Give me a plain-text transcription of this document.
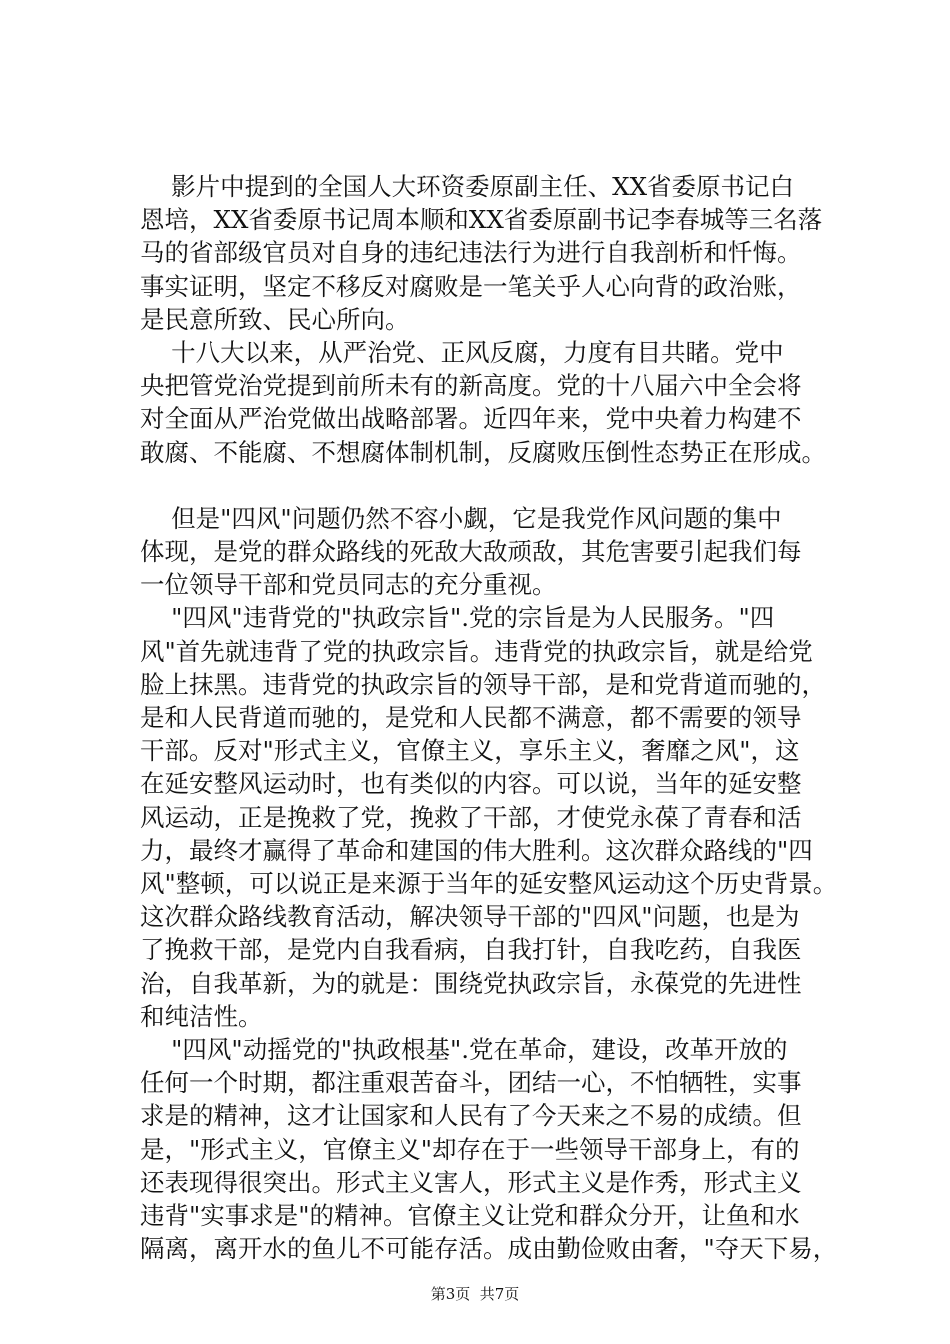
影片中提到的全国人大环资委原副主任、XX省委原书记白
恩培，XX省委原书记周本顺和XX省委原副书记李春城等三名落
马的省部级官员对自身的违纪违法行为进行自我剖析和忏悔。
事实证明，坚定不移反对腐败是一笔关乎人心向背的政治账，
是民意所致、民心所向。

十八大以来，从严治党、正风反腐，力度有目共睹。党中
央把管党治党提到前所未有的新高度。党的十八届六中全会将
对全面从严治党做出战略部署。近四年来，党中央着力构建不
敢腐、不能腐、不想腐体制机制，反腐败压倒性态势正在形成。

但是"四风"问题仍然不容小觑，它是我党作风问题的集中
体现，是党的群众路线的死敌大敌顽敌，其危害要引起我们每
一位领导干部和党员同志的充分重视。

"四风"违背党的"执政宗旨".党的宗旨是为人民服务。"四
风"首先就违背了党的执政宗旨。违背党的执政宗旨，就是给党
脸上抹黑。违背党的执政宗旨的领导干部，是和党背道而驰的，
是和人民背道而驰的，是党和人民都不满意，都不需要的领导
干部。反对"形式主义，官僚主义，享乐主义，奢靡之风"，这
在延安整风运动时，也有类似的内容。可以说，当年的延安整
风运动，正是挽救了党，挽救了干部，才使党永葆了青春和活
力，最终才赢得了革命和建国的伟大胜利。这次群众路线的"四
风"整顿，可以说正是来源于当年的延安整风运动这个历史背景。
这次群众路线教育活动，解决领导干部的"四风"问题，也是为
了挽救干部，是党内自我看病，自我打针，自我吃药，自我医
治，自我革新，为的就是：围绕党执政宗旨，永葆党的先进性
和纯洁性。

"四风"动摇党的"执政根基".党在革命，建设，改革开放的
任何一个时期，都注重艰苦奋斗，团结一心，不怕牺牲，实事
求是的精神，这才让国家和人民有了今天来之不易的成绩。但
是，"形式主义，官僚主义"却存在于一些领导干部身上，有的
还表现得很突出。形式主义害人，形式主义是作秀，形式主义
违背"实事求是"的精神。官僚主义让党和群众分开，让鱼和水
隔离，离开水的鱼儿不可能存活。成由勤俭败由奢，"夺天下易，

第3页  共7页
